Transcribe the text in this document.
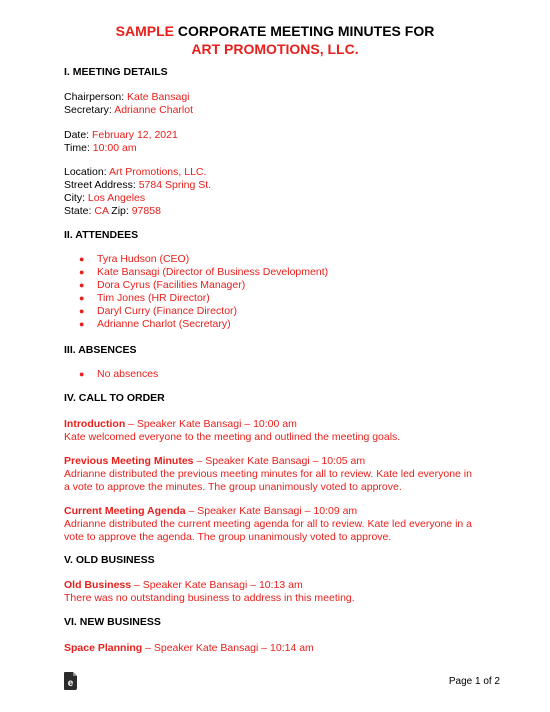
SAMPLE CORPORATE MEETING MINUTES FOR
ART PROMOTIONS, LLC.
I. MEETING DETAILS
Chairperson: Kate Bansagi
Secretary: Adrianne Charlot
Date: February 12, 2021
Time: 10:00 am
Location: Art Promotions, LLC.
Street Address: 5784 Spring St.
City: Los Angeles
State: CA Zip: 97858
II. ATTENDEES
● Tyra Hudson (CEO)
● Kate Bansagi (Director of Business Development)
● Dora Cyrus (Facilities Manager)
● Tim Jones (HR Director)
● Daryl Curry (Finance Director)
● Adrianne Charlot (Secretary)
III. ABSENCES
● No absences
IV. CALL TO ORDER
Introduction – Speaker Kate Bansagi – 10:00 am
Kate welcomed everyone to the meeting and outlined the meeting goals.
Previous Meeting Minutes – Speaker Kate Bansagi – 10:05 am
Adrianne distributed the previous meeting minutes for all to review. Kate led everyone in
a vote to approve the minutes. The group unanimously voted to approve.
Current Meeting Agenda – Speaker Kate Bansagi – 10:09 am
Adrianne distributed the current meeting agenda for all to review. Kate led everyone in a
vote to approve the agenda. The group unanimously voted to approve.
V. OLD BUSINESS
Old Business – Speaker Kate Bansagi – 10:13 am
There was no outstanding business to address in this meeting.
VI. NEW BUSINESS
Space Planning – Speaker Kate Bansagi – 10:14 am
e	Page 1 of 2
